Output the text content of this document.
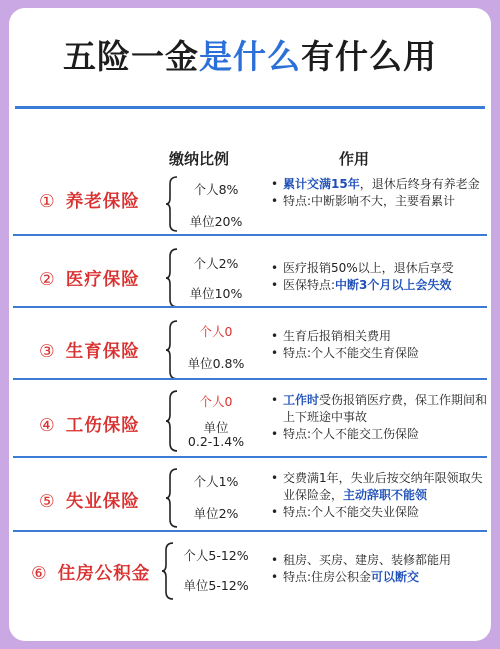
五险一金是什么有什么用
缴纳比例	作用
① 养老保险
个人8%
单位20%
• 累计交满15年，退休后终身有养老金
• 特点:中断影响不大，主要看累计
② 医疗保险
个人2%
单位10%
• 医疗报销50%以上，退休后享受
• 医保特点:中断3个月以上会失效
③ 生育保险
个人0
单位0.8%
• 生育后报销相关费用
• 特点:个人不能交生育保险
④ 工伤保险
个人0
单位
0.2-1.4%
• 工作时受伤报销医疗费，保工作期间和上下班途中事故
• 特点:个人不能交工伤保险
⑤ 失业保险
个人1%
单位2%
• 交费满1年，失业后按交纳年限领取失业保险金，主动辞职不能领
• 特点:个人不能交失业保险
⑥ 住房公积金
个人5-12%
单位5-12%
• 租房、买房、建房、装修都能用
• 特点:住房公积金可以断交
